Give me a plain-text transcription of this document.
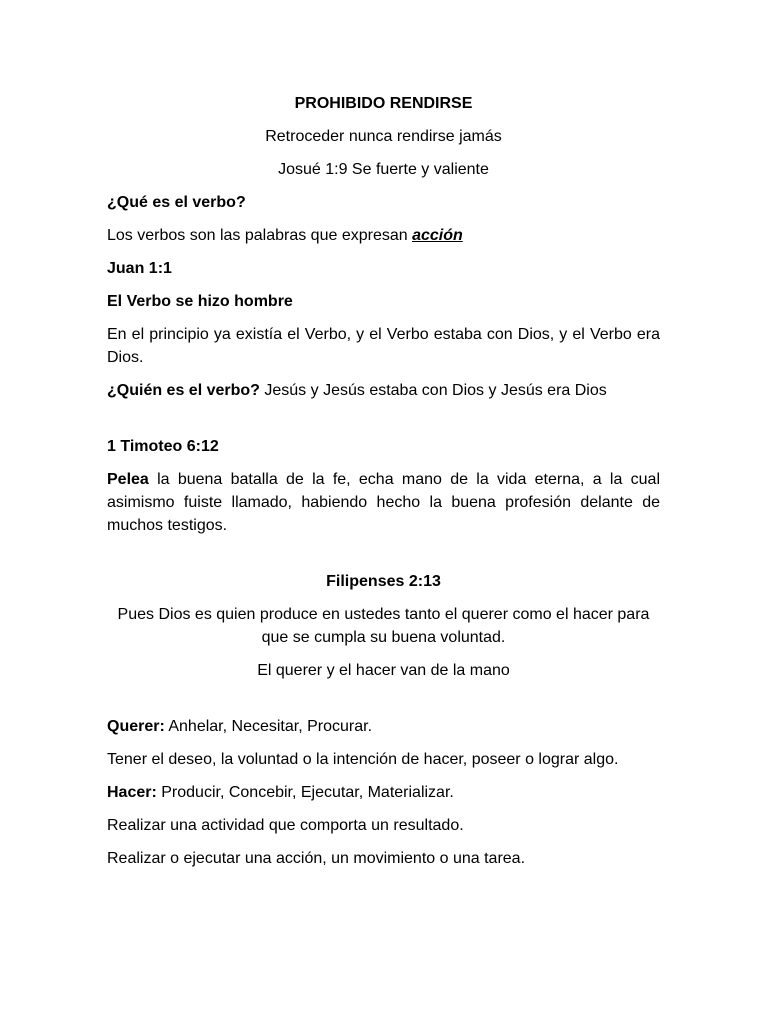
PROHIBIDO RENDIRSE

Retroceder nunca rendirse jamás

Josué 1:9 Se fuerte y valiente

¿Qué es el verbo?

Los verbos son las palabras que expresan acción

Juan 1:1

El Verbo se hizo hombre

En el principio ya existía el Verbo, y el Verbo estaba con Dios, y el Verbo era Dios.

¿Quién es el verbo? Jesús y Jesús estaba con Dios y Jesús era Dios

1 Timoteo 6:12

Pelea la buena batalla de la fe, echa mano de la vida eterna, a la cual asimismo fuiste llamado, habiendo hecho la buena profesión delante de muchos testigos.

Filipenses 2:13

Pues Dios es quien produce en ustedes tanto el querer como el hacer para que se cumpla su buena voluntad.

El querer y el hacer van de la mano

Querer: Anhelar, Necesitar, Procurar.

Tener el deseo, la voluntad o la intención de hacer, poseer o lograr algo.

Hacer: Producir, Concebir, Ejecutar, Materializar.

Realizar una actividad que comporta un resultado.

Realizar o ejecutar una acción, un movimiento o una tarea.
